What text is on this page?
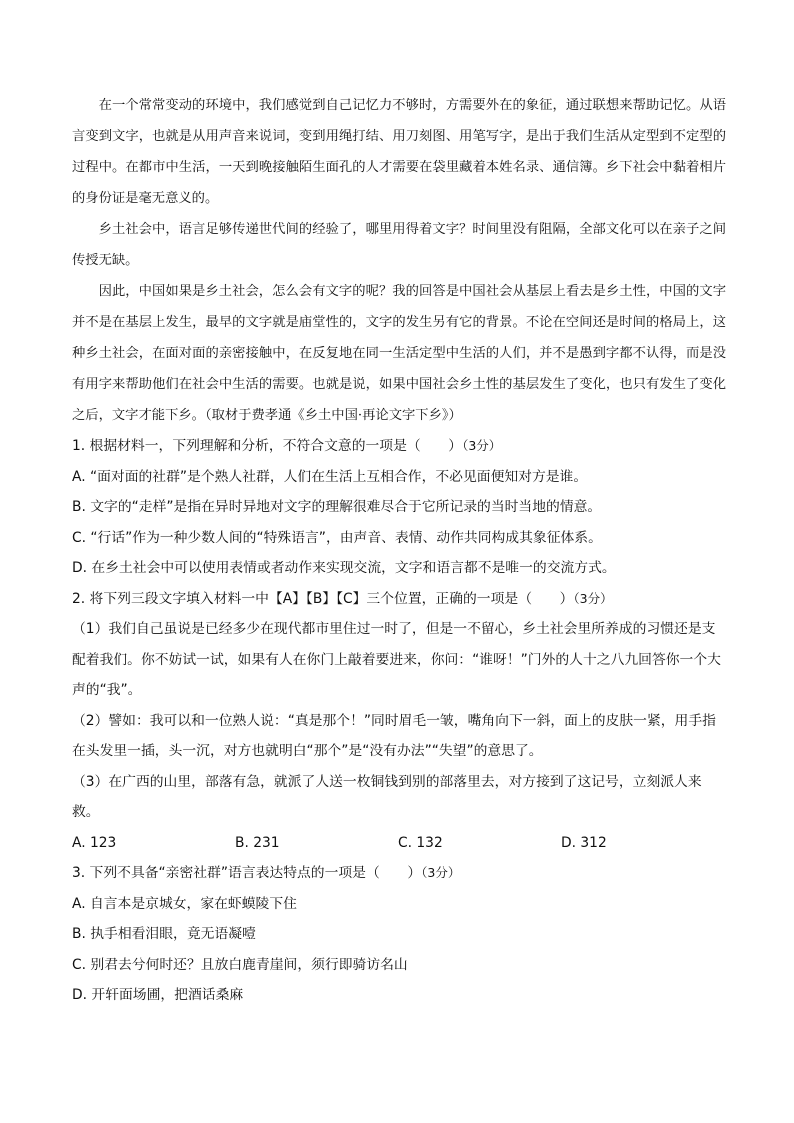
在一个常常变动的环境中，我们感觉到自己记忆力不够时，方需要外在的象征，通过联想来帮助记忆。从语言变到文字，也就是从用声音来说词，变到用绳打结、用刀刻图、用笔写字，是出于我们生活从定型到不定型的过程中。在都市中生活，一天到晚接触陌生面孔的人才需要在袋里藏着本姓名录、通信簿。乡下社会中黏着相片的身份证是毫无意义的。

乡土社会中，语言足够传递世代间的经验了，哪里用得着文字？时间里没有阻隔，全部文化可以在亲子之间传授无缺。

因此，中国如果是乡土社会，怎么会有文字的呢？我的回答是中国社会从基层上看去是乡土性，中国的文字并不是在基层上发生，最早的文字就是庙堂性的，文字的发生另有它的背景。不论在空间还是时间的格局上，这种乡土社会，在面对面的亲密接触中，在反复地在同一生活定型中生活的人们，并不是愚到字都不认得，而是没有用字来帮助他们在社会中生活的需要。也就是说，如果中国社会乡土性的基层发生了变化，也只有发生了变化之后，文字才能下乡。（取材于费孝通《乡土中国·再论文字下乡》）

1. 根据材料一，下列理解和分析，不符合文意的一项是（　　）（3分）

A. “面对面的社群”是个熟人社群，人们在生活上互相合作，不必见面便知对方是谁。

B. 文字的“走样”是指在异时异地对文字的理解很难尽合于它所记录的当时当地的情意。

C. “行话”作为一种少数人间的“特殊语言”，由声音、表情、动作共同构成其象征体系。

D. 在乡土社会中可以使用表情或者动作来实现交流，文字和语言都不是唯一的交流方式。

2. 将下列三段文字填入材料一中【A】【B】【C】三个位置，正确的一项是（　　）（3分）

（1）我们自己虽说是已经多少在现代都市里住过一时了，但是一不留心，乡土社会里所养成的习惯还是支配着我们。你不妨试一试，如果有人在你门上敲着要进来，你问：“谁呀！”门外的人十之八九回答你一个大声的“我”。

（2）譬如：我可以和一位熟人说：“真是那个！”同时眉毛一皱，嘴角向下一斜，面上的皮肤一紧，用手指在头发里一插，头一沉，对方也就明白“那个”是“没有办法”“失望”的意思了。

（3）在广西的山里，部落有急，就派了人送一枚铜钱到别的部落里去，对方接到了这记号，立刻派人来救。

A. 123	B. 231	C. 132	D. 312

3. 下列不具备“亲密社群”语言表达特点的一项是（　　）（3分）

A. 自言本是京城女，家在虾蟆陵下住

B. 执手相看泪眼，竟无语凝噎

C. 别君去兮何时还？且放白鹿青崖间，须行即骑访名山

D. 开轩面场圃，把酒话桑麻
